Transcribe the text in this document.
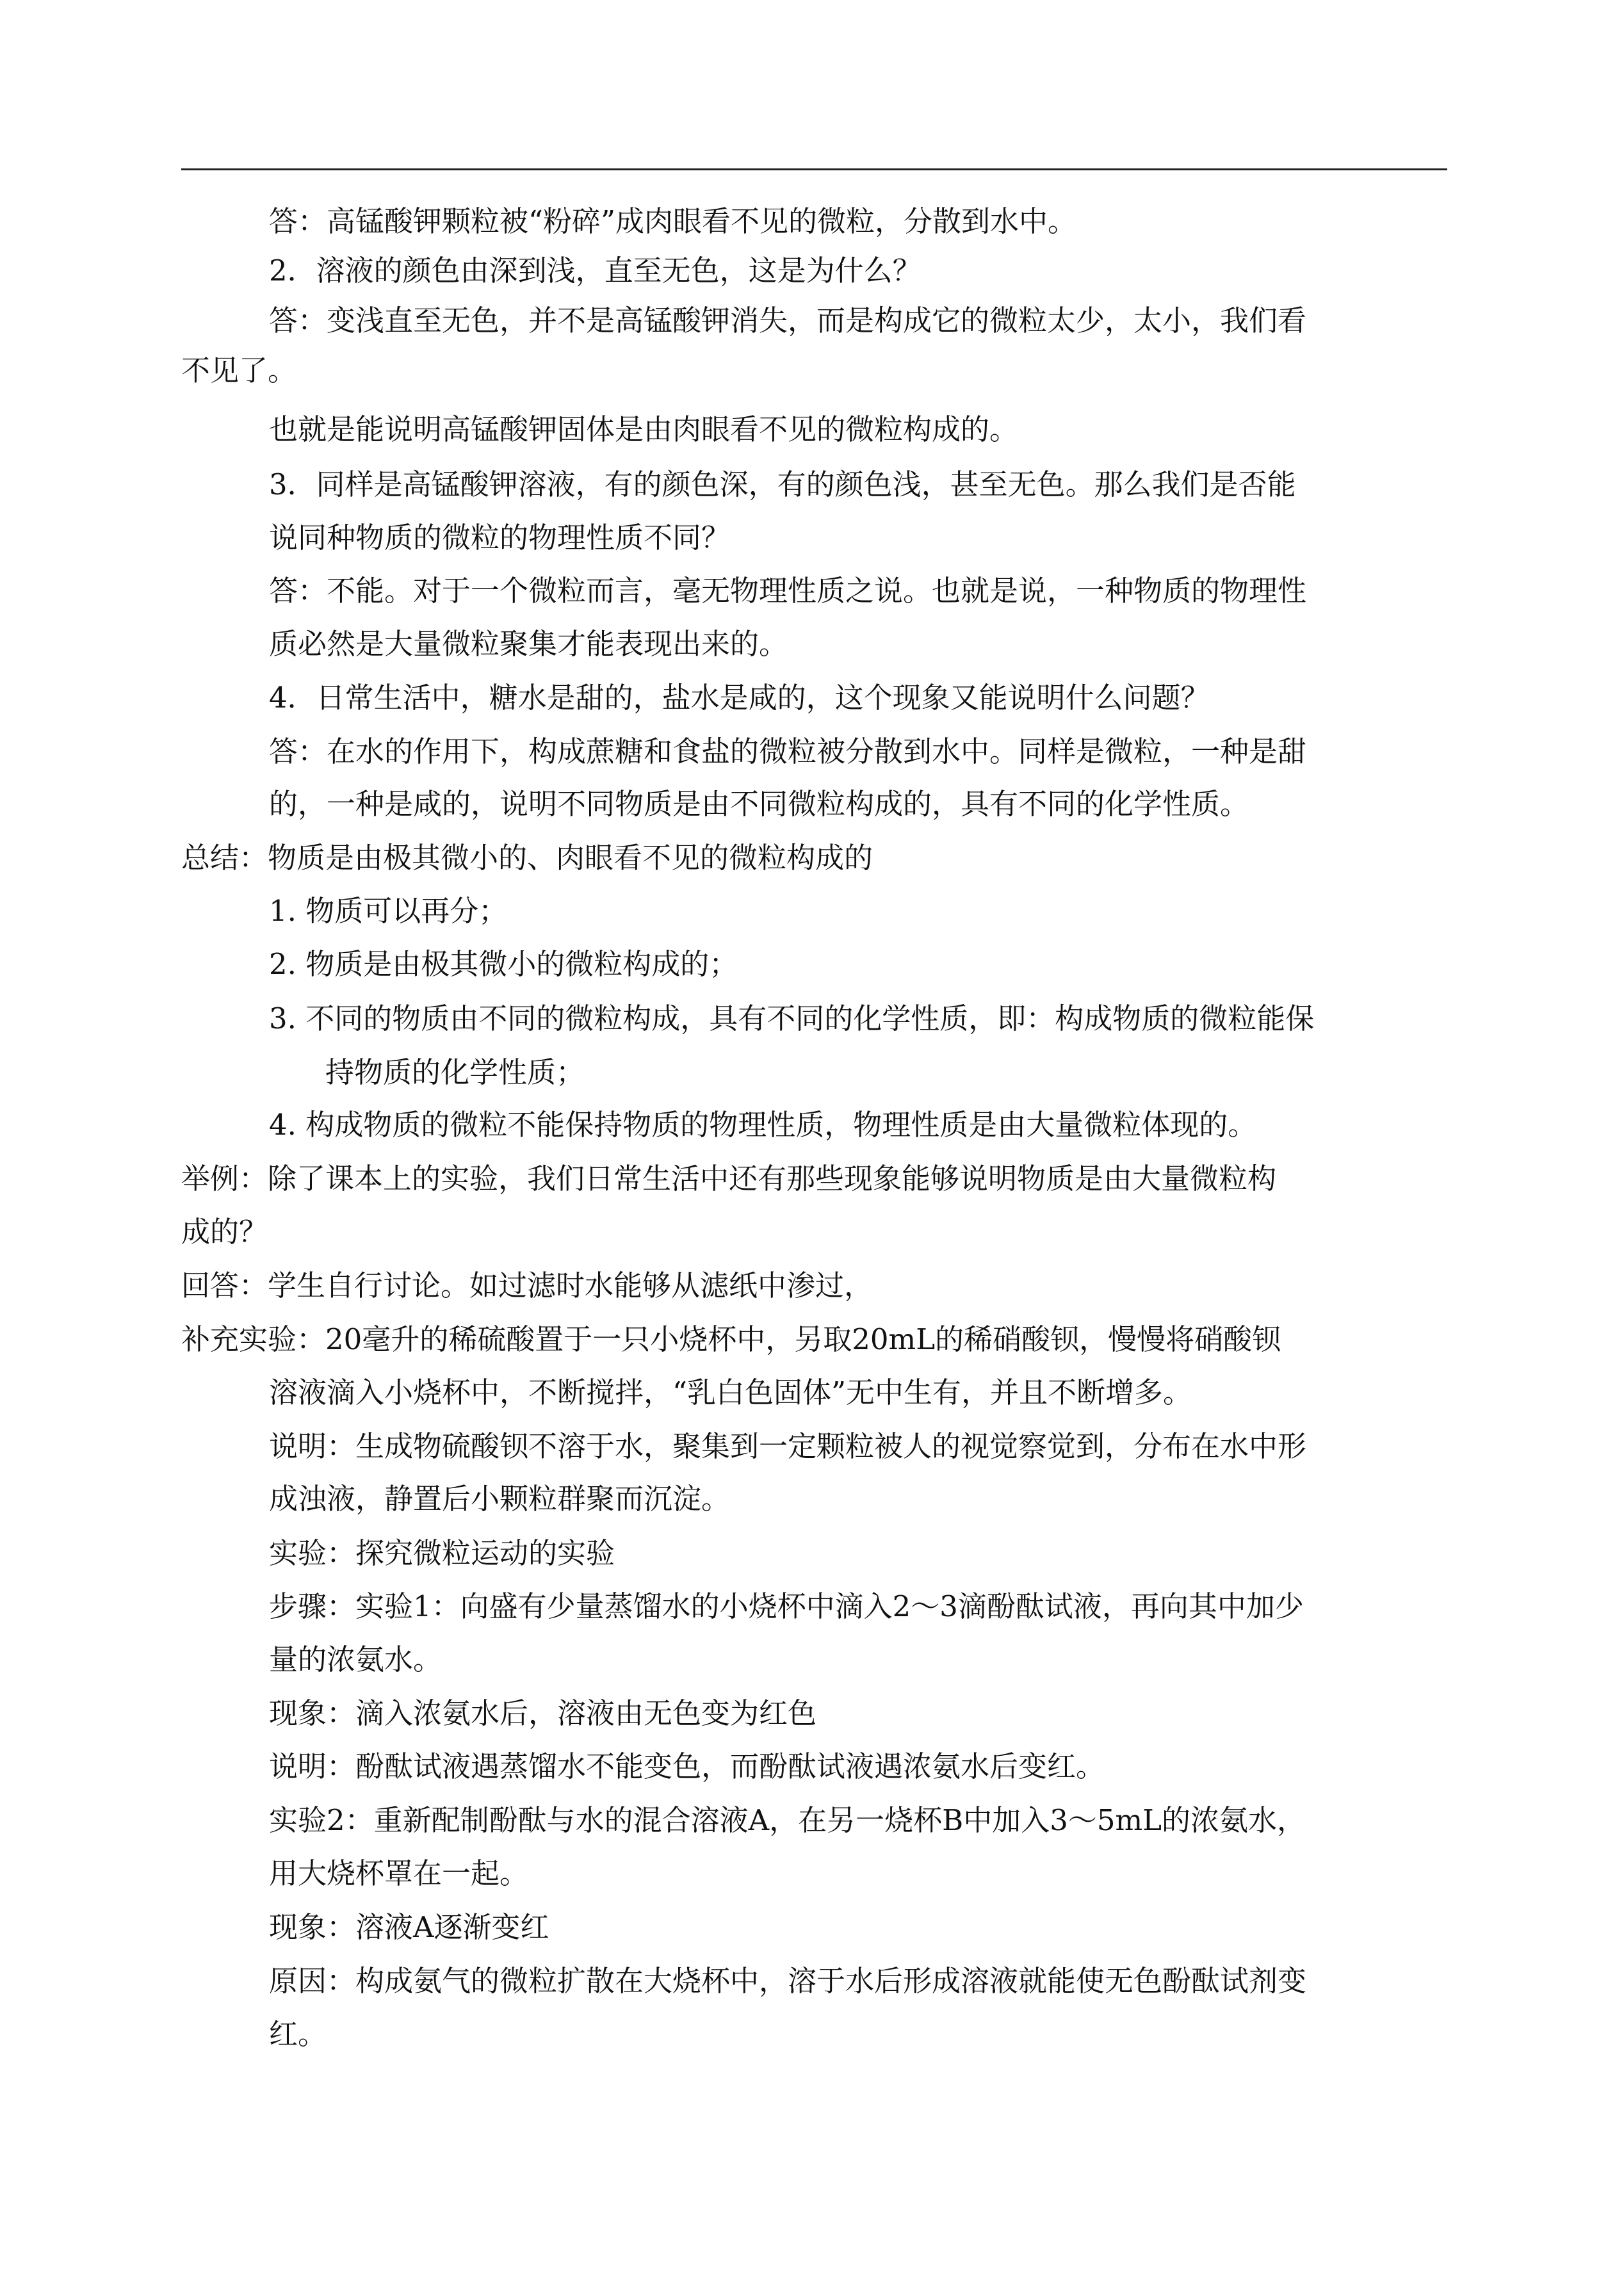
答：高锰酸钾颗粒被“粉碎”成肉眼看不见的微粒，分散到水中。
2．溶液的颜色由深到浅，直至无色，这是为什么？
答：变浅直至无色，并不是高锰酸钾消失，而是构成它的微粒太少，太小，我们看
不见了。
也就是能说明高锰酸钾固体是由肉眼看不见的微粒构成的。
3．同样是高锰酸钾溶液，有的颜色深，有的颜色浅，甚至无色。那么我们是否能
说同种物质的微粒的物理性质不同？
答：不能。对于一个微粒而言，毫无物理性质之说。也就是说，一种物质的物理性
质必然是大量微粒聚集才能表现出来的。
4．日常生活中，糖水是甜的，盐水是咸的，这个现象又能说明什么问题？
答：在水的作用下，构成蔗糖和食盐的微粒被分散到水中。同样是微粒，一种是甜
的，一种是咸的，说明不同物质是由不同微粒构成的，具有不同的化学性质。
总结：物质是由极其微小的、肉眼看不见的微粒构成的
1. 物质可以再分；
2. 物质是由极其微小的微粒构成的；
3. 不同的物质由不同的微粒构成，具有不同的化学性质，即：构成物质的微粒能保
持物质的化学性质；
4. 构成物质的微粒不能保持物质的物理性质，物理性质是由大量微粒体现的。
举例：除了课本上的实验，我们日常生活中还有那些现象能够说明物质是由大量微粒构
成的？
回答：学生自行讨论。如过滤时水能够从滤纸中渗过，
补充实验：20毫升的稀硫酸置于一只小烧杯中，另取20mL的稀硝酸钡，慢慢将硝酸钡
溶液滴入小烧杯中，不断搅拌，“乳白色固体”无中生有，并且不断增多。
说明：生成物硫酸钡不溶于水，聚集到一定颗粒被人的视觉察觉到，分布在水中形
成浊液，静置后小颗粒群聚而沉淀。
实验：探究微粒运动的实验
步骤：实验1：向盛有少量蒸馏水的小烧杯中滴入2～3滴酚酞试液，再向其中加少
量的浓氨水。
现象：滴入浓氨水后，溶液由无色变为红色
说明：酚酞试液遇蒸馏水不能变色，而酚酞试液遇浓氨水后变红。
实验2：重新配制酚酞与水的混合溶液A，在另一烧杯B中加入3～5mL的浓氨水，
用大烧杯罩在一起。
现象：溶液A逐渐变红
原因：构成氨气的微粒扩散在大烧杯中，溶于水后形成溶液就能使无色酚酞试剂变
红。
